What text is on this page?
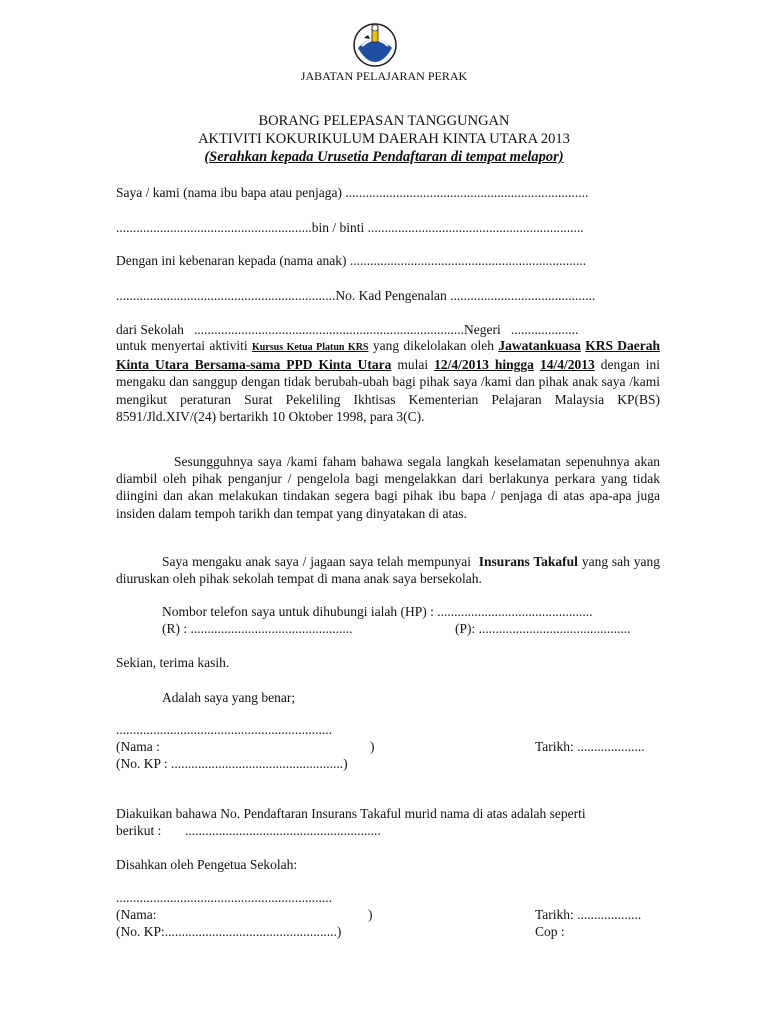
JABATAN PELAJARAN PERAK
BORANG PELEPASAN TANGGUNGAN
AKTIVITI KOKURIKULUM DAERAH KINTA UTARA 2013
(Serahkan kepada Urusetia Pendaftaran di tempat melapor)
Saya / kami (nama ibu bapa atau penjaga) ........................................................................
..........................................................bin / binti ................................................................
Dengan ini kebenaran kepada (nama anak) ......................................................................
.................................................................No. Kad Pengenalan ...........................................
dari Sekolah ................................................................................Negeri ....................
untuk menyertai aktiviti Kursus Ketua Platun KRS yang dikelolakan oleh Jawatankuasa KRS Daerah Kinta Utara Bersama-sama PPD Kinta Utara mulai 12/4/2013 hingga 14/4/2013 dengan ini mengaku dan sanggup dengan tidak berubah-ubah bagi pihak saya /kami dan pihak anak saya /kami mengikut peraturan Surat Pekeliling Ikhtisas Kementerian Pelajaran Malaysia KP(BS) 8591/Jld.XIV/(24) bertarikh 10 Oktober 1998, para 3(C).
Sesungguhnya saya /kami faham bahawa segala langkah keselamatan sepenuhnya akan diambil oleh pihak penganjur / pengelola bagi mengelakkan dari berlakunya perkara yang tidak diingini dan akan melakukan tindakan segera bagi pihak ibu bapa / penjaga di atas apa-apa juga insiden dalam tempoh tarikh dan tempat yang dinyatakan di atas.
Saya mengaku anak saya / jagaan saya telah mempunyai Insurans Takaful yang sah yang diuruskan oleh pihak sekolah tempat di mana anak saya bersekolah.
Nombor telefon saya untuk dihubungi ialah (HP) : ..............................................
(R) : ................................................	(P): .............................................
Sekian, terima kasih.
Adalah saya yang benar;
................................................................
(Nama :	)	Tarikh: ....................
(No. KP : ...................................................)
Diakuikan bahawa No. Pendaftaran Insurans Takaful murid nama di atas adalah seperti
berikut : ..........................................................
Disahkan oleh Pengetua Sekolah:
................................................................
(Nama:	)	Tarikh: ...................
(No. KP:...................................................)	Cop :
